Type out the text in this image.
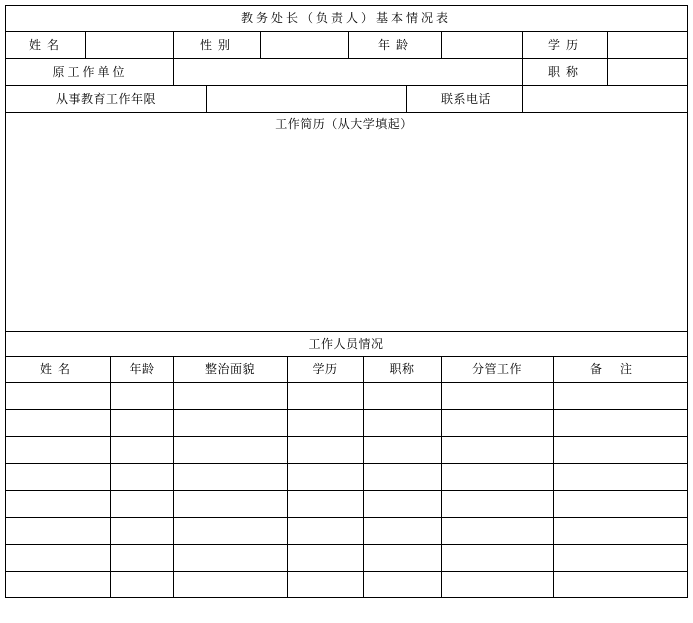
教务处长（负责人）基本情况表
姓名	性别	年龄	学历
原工作单位	职称
从事教育工作年限	联系电话
工作简历（从大学填起）
工作人员情况
姓名	年龄	整治面貌	学历	职称	分管工作	备注
